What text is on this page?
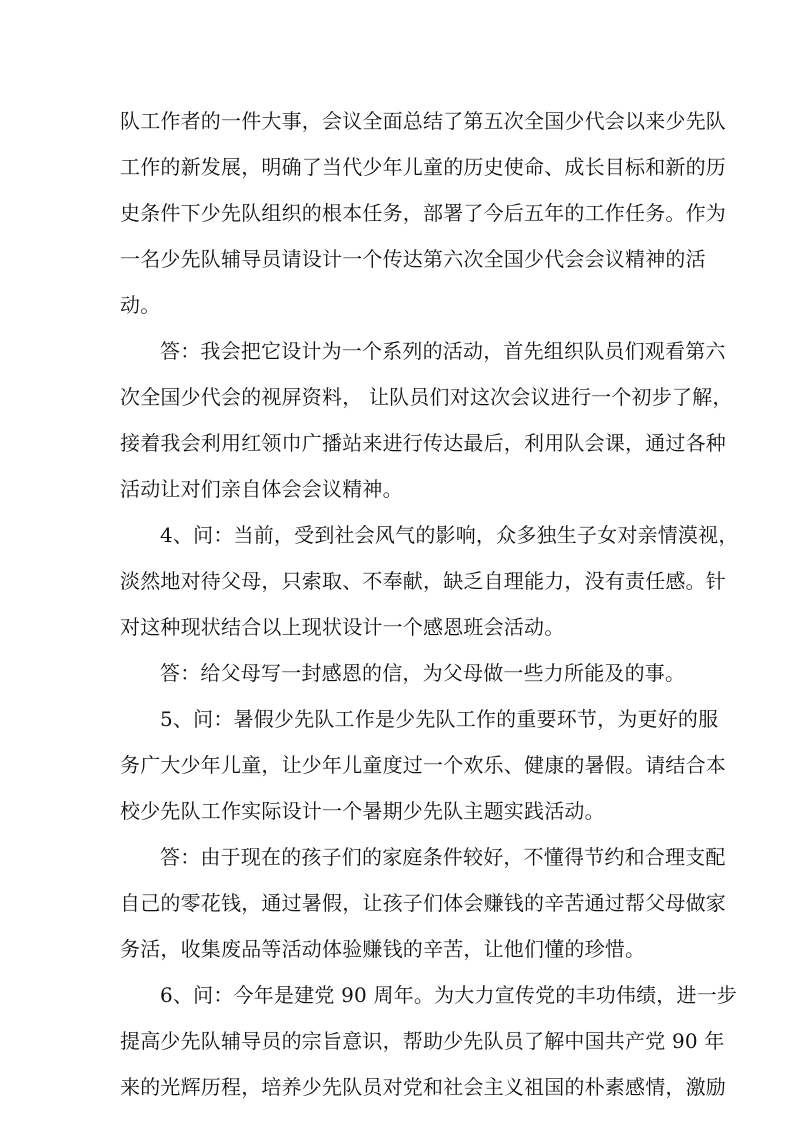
队工作者的一件大事，会议全面总结了第五次全国少代会以来少先队
工作的新发展，明确了当代少年儿童的历史使命、成长目标和新的历
史条件下少先队组织的根本任务，部署了今后五年的工作任务。作为
一名少先队辅导员请设计一个传达第六次全国少代会会议精神的活
动。
答：我会把它设计为一个系列的活动，首先组织队员们观看第六
次全国少代会的视屏资料， 让队员们对这次会议进行一个初步了解，
接着我会利用红领巾广播站来进行传达最后，利用队会课，通过各种
活动让对们亲自体会会议精神。
4、问：当前，受到社会风气的影响，众多独生子女对亲情漠视，
淡然地对待父母，只索取、不奉献，缺乏自理能力，没有责任感。针
对这种现状结合以上现状设计一个感恩班会活动。
答：给父母写一封感恩的信，为父母做一些力所能及的事。
5、问：暑假少先队工作是少先队工作的重要环节，为更好的服
务广大少年儿童，让少年儿童度过一个欢乐、健康的暑假。请结合本
校少先队工作实际设计一个暑期少先队主题实践活动。
答：由于现在的孩子们的家庭条件较好，不懂得节约和合理支配
自己的零花钱，通过暑假，让孩子们体会赚钱的辛苦通过帮父母做家
务活，收集废品等活动体验赚钱的辛苦，让他们懂的珍惜。
6、问：今年是建党 90 周年。为大力宣传党的丰功伟绩，进一步
提高少先队辅导员的宗旨意识，帮助少先队员了解中国共产党 90 年
来的光辉历程，培养少先队员对党和社会主义祖国的朴素感情，激励
